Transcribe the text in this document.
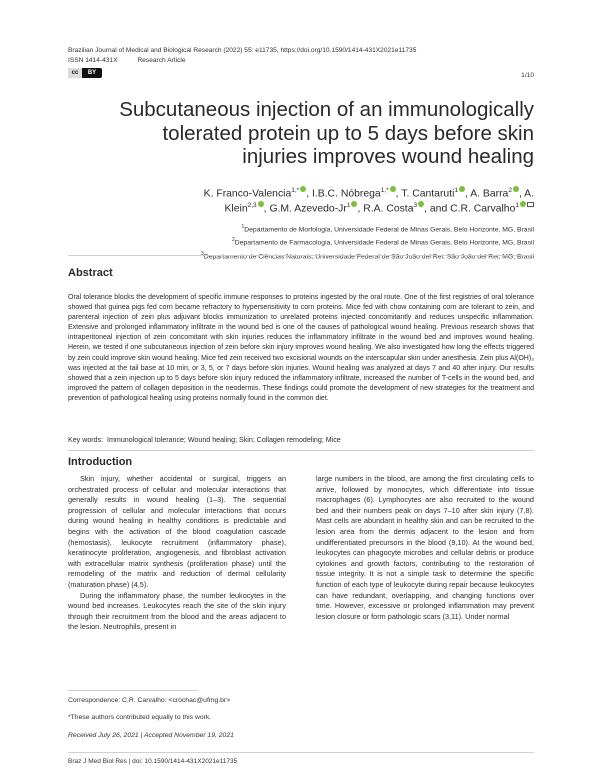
Brazilian Journal of Medical and Biological Research (2022) 55: e11735, https://doi.org/10.1590/1414-431X2021e11735
ISSN 1414-431X	Research Article
cc	BY	1/10
Subcutaneous injection of an immunologically tolerated protein up to 5 days before skin injuries improves wound healing
K. Franco-Valencia$^{1,*}$ , I.B.C. Nóbrega$^{1,*}$ , T. Cantaruti$^1$ , A. Barra$^2$ , A. Klein$^{2,3}$ , G.M. Azevedo-Jr$^1$ , R.A. Costa$^3$ , and C.R. Carvalho$^1$
$^1$Departamento de Morfologia, Universidade Federal de Minas Gerais, Belo Horizonte, MG, Brasil
$^2$Departamento de Farmacologia, Universidade Federal de Minas Gerais, Belo Horizonte, MG, Brasil
$^3$Departamento de Ciências Naturais, Universidade Federal de São João del Rei, São João del Rei, MG, Brasil
Abstract
Oral tolerance blocks the development of specific immune responses to proteins ingested by the oral route. One of the first registries of oral tolerance showed that guinea pigs fed corn became refractory to hypersensitivity to corn proteins. Mice fed with chow containing corn are tolerant to zein, and parenteral injection of zein plus adjuvant blocks immunization to unrelated proteins injected concomitantly and reduces unspecific inflammation. Extensive and prolonged inflammatory infiltrate in the wound bed is one of the causes of pathological wound healing. Previous research shows that intraperitoneal injection of zein concomitant with skin injuries reduces the inflammatory infiltrate in the wound bed and improves wound healing. Herein, we tested if one subcutaneous injection of zein before skin injury improves wound healing. We also investigated how long the effects triggered by zein could improve skin wound healing. Mice fed zein received two excisional wounds on the interscapular skin under anesthesia. Zein plus Al(OH)₃ was injected at the tail base at 10 min, or 3, 5, or 7 days before skin injuries. Wound healing was analyzed at days 7 and 40 after injury. Our results showed that a zein injection up to 5 days before skin injury reduced the inflammatory infiltrate, increased the number of T-cells in the wound bed, and improved the pattern of collagen deposition in the neodermis. These findings could promote the development of new strategies for the treatment and prevention of pathological healing using proteins normally found in the common diet.
Key words: Immunological tolerance; Wound healing; Skin; Collagen remodeling; Mice
Introduction

Skin injury, whether accidental or surgical, triggers an orchestrated process of cellular and molecular interactions that generally results in wound healing (1–3). The sequential progression of cellular and molecular interactions that occurs during wound healing in healthy conditions is predictable and begins with the activation of the blood coagulation cascade (hemostasis), leukocyte recruitment (inflammatory phase), keratinocyte proliferation, angiogenesis, and fibroblast activation with extracellular matrix synthesis (proliferation phase) until the remodeling of the matrix and reduction of dermal cellularity (maturation phase) (4,5).

During the inflammatory phase, the number leukocytes in the wound bed increases. Leukocytes reach the site of the skin injury through their recruitment from the blood and the areas adjacent to the lesion. Neutrophils, present in

large numbers in the blood, are among the first circulating cells to arrive, followed by monocytes, which differentiate into tissue macrophages (6). Lymphocytes are also recruited to the wound bed and their numbers peak on days 7–10 after skin injury (7,8). Mast cells are abundant in healthy skin and can be recruited to the lesion area from the dermis adjacent to the lesion and from undifferentiated precursors in the blood (9,10). At the wound bed, leukocytes can phagocyte microbes and cellular debris or produce cytokines and growth factors, contributing to the restoration of tissue integrity. It is not a simple task to determine the specific function of each type of leukocyte during repair because leukocytes can have redundant, overlapping, and changing functions over time. However, excessive or prolonged inflammation may prevent lesion closure or form pathologic scars (3,11). Under normal

Correspondence: C.R. Carvalho: <crochac@ufmg.br>
*These authors contributed equally to this work.
Received July 26, 2021 | Accepted November 19, 2021
Braz J Med Biol Res | doi: 10.1590/1414-431X2021e11735
